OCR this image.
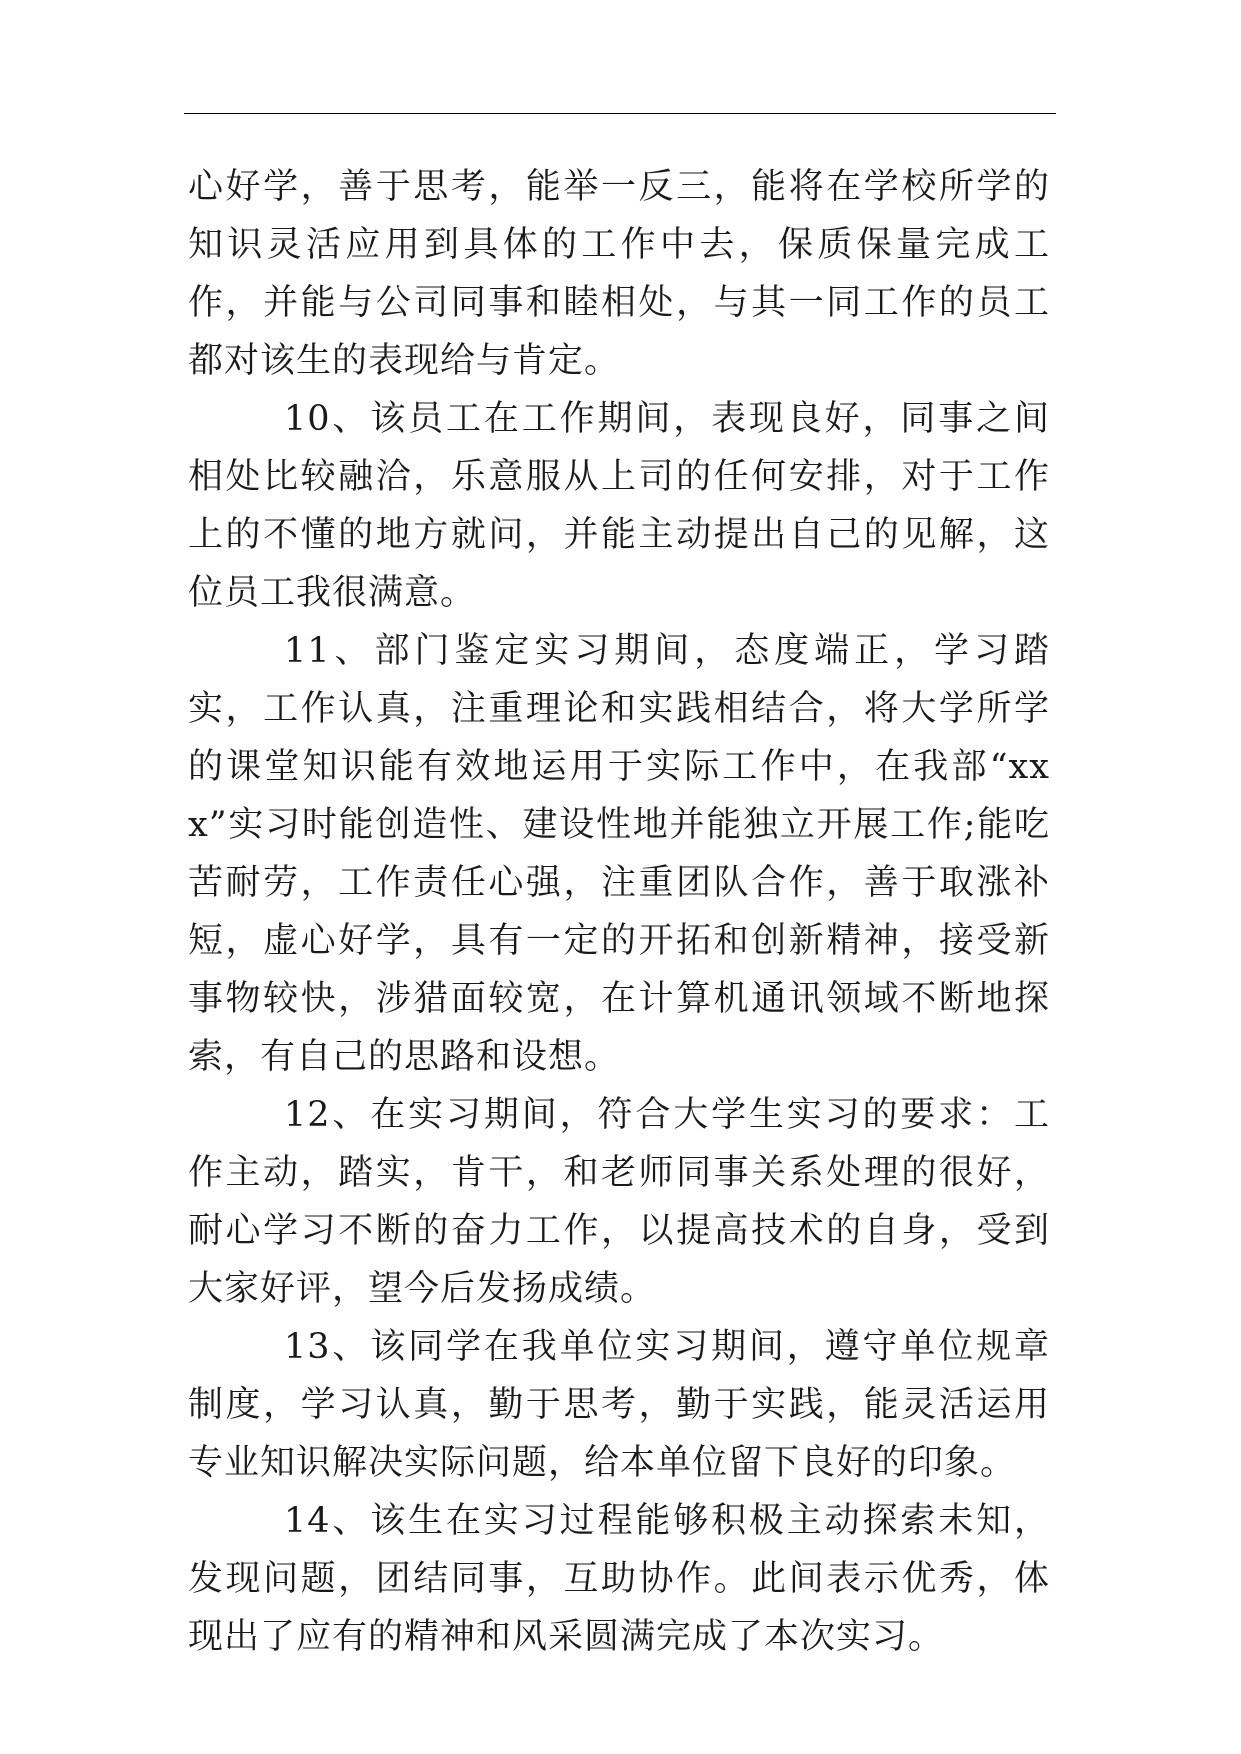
心好学，善于思考，能举一反三，能将在学校所学的知识灵活应用到具体的工作中去，保质保量完成工作，并能与公司同事和睦相处，与其一同工作的员工都对该生的表现给与肯定。

10、该员工在工作期间，表现良好，同事之间相处比较融洽，乐意服从上司的任何安排，对于工作上的不懂的地方就问，并能主动提出自己的见解，这位员工我很满意。

11、部门鉴定实习期间，态度端正，学习踏实，工作认真，注重理论和实践相结合，将大学所学的课堂知识能有效地运用于实际工作中，在我部“xxx”实习时能创造性、建设性地并能独立开展工作;能吃苦耐劳，工作责任心强，注重团队合作，善于取涨补短，虚心好学，具有一定的开拓和创新精神，接受新事物较快，涉猎面较宽，在计算机通讯领域不断地探索，有自己的思路和设想。

12、在实习期间，符合大学生实习的要求：工作主动，踏实，肯干，和老师同事关系处理的很好，耐心学习不断的奋力工作，以提高技术的自身，受到大家好评，望今后发扬成绩。

13、该同学在我单位实习期间，遵守单位规章制度，学习认真，勤于思考，勤于实践，能灵活运用专业知识解决实际问题，给本单位留下良好的印象。

14、该生在实习过程能够积极主动探索未知，发现问题，团结同事，互助协作。此间表示优秀，体现出了应有的精神和风采圆满完成了本次实习。
